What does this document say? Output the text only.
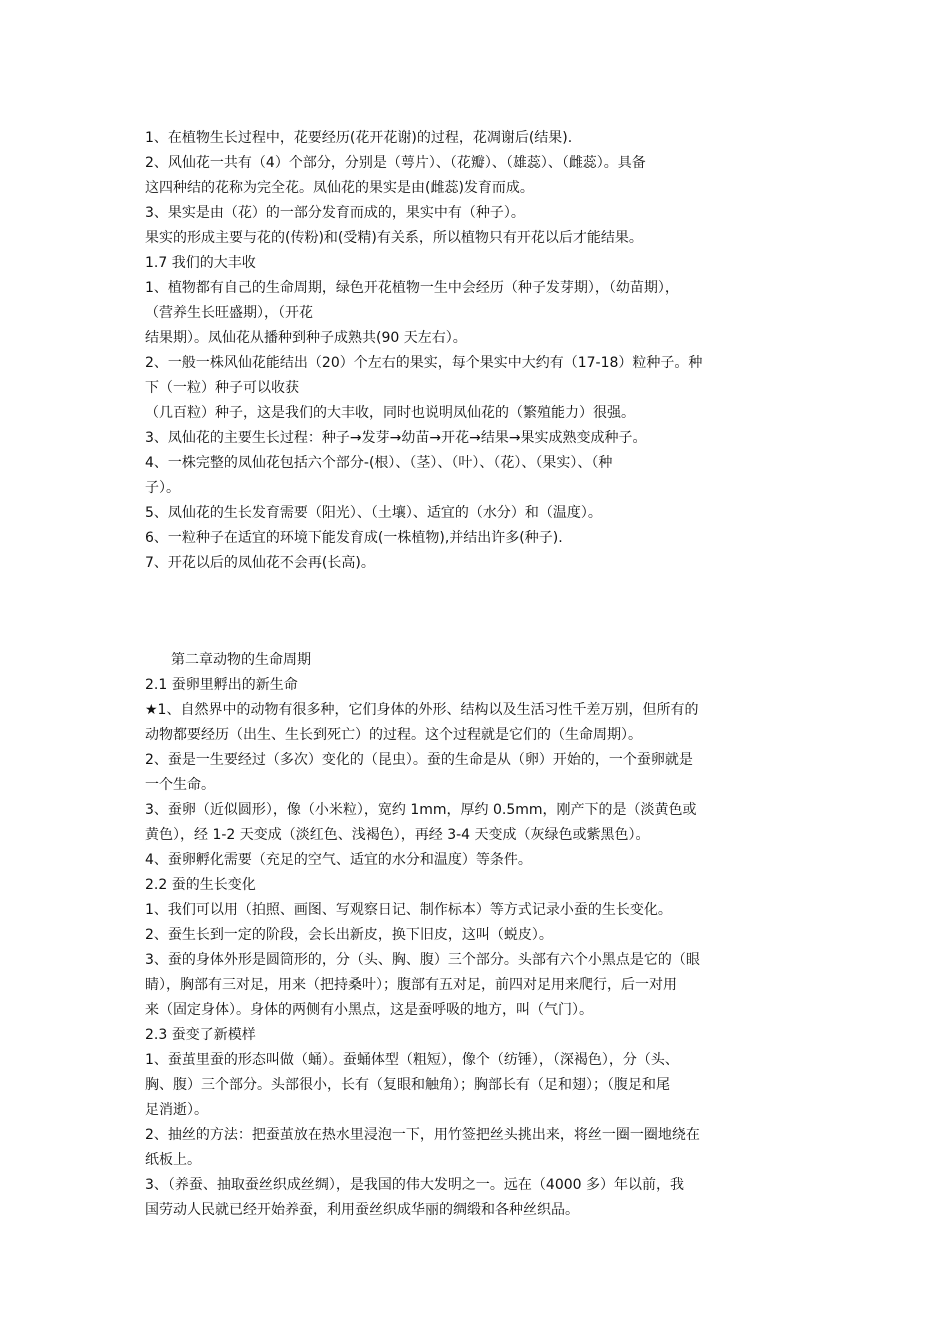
1、在植物生长过程中，花要经历(花开花谢)的过程，花凋谢后(结果).

2、风仙花一共有（4）个部分，分别是（萼片）、（花瓣）、（雄蕊）、（雌蕊）。具备

这四种结的花称为完全花。凤仙花的果实是由(雌蕊)发育而成。

3、果实是由（花）的一部分发育而成的，果实中有（种子）。

果实的形成主要与花的(传粉)和(受精)有关系，所以植物只有开花以后才能结果。

1.7 我们的大丰收

1、植物都有自己的生命周期，绿色开花植物一生中会经历（种子发芽期），（幼苗期），

（营养生长旺盛期），（开花

结果期）。凤仙花从播种到种子成熟共(90 天左右）。

2、一般一株风仙花能结出（20）个左右的果实，每个果实中大约有（17-18）粒种子。种

下（一粒）种子可以收获

（几百粒）种子，这是我们的大丰收，同时也说明凤仙花的（繁殖能力）很强。

3、凤仙花的主要生长过程：种子→发芽→幼苗→开花→结果→果实成熟变成种子。

4、一株完整的凤仙花包括六个部分-(根）、（茎）、（叶）、（花）、（果实）、（种

子）。

5、凤仙花的生长发育需要（阳光）、（土壤）、适宜的（水分）和（温度）。

6、一粒种子在适宜的环境下能发育成(一株植物),并结出许多(种子).

7、开花以后的凤仙花不会再(长高)。

第二章动物的生命周期

2.1 蚕卵里孵出的新生命

★1、自然界中的动物有很多种，它们身体的外形、结构以及生活习性千差万别，但所有的

动物都要经历（出生、生长到死亡）的过程。这个过程就是它们的（生命周期）。

2、蚕是一生要经过（多次）变化的（昆虫）。蚕的生命是从（卵）开始的，一个蚕卵就是

一个生命。

3、蚕卵（近似圆形），像（小米粒），宽约 1mm，厚约 0.5mm，刚产下的是（淡黄色或

黄色），经 1-2 天变成（淡红色、浅褐色），再经 3-4 天变成（灰绿色或紫黑色）。

4、蚕卵孵化需要（充足的空气、适宜的水分和温度）等条件。

2.2 蚕的生长变化

1、我们可以用（拍照、画图、写观察日记、制作标本）等方式记录小蚕的生长变化。

2、蚕生长到一定的阶段，会长出新皮，换下旧皮，这叫（蜕皮）。

3、蚕的身体外形是圆筒形的，分（头、胸、腹）三个部分。头部有六个小黑点是它的（眼

睛），胸部有三对足，用来（把持桑叶）；腹部有五对足，前四对足用来爬行，后一对用

来（固定身体）。身体的两侧有小黑点，这是蚕呼吸的地方，叫（气门）。

2.3 蚕变了新模样

1、蚕茧里蚕的形态叫做（蛹）。蚕蛹体型（粗短），像个（纺锤），（深褐色），分（头、

胸、腹）三个部分。头部很小，长有（复眼和触角）；胸部长有（足和翅）；（腹足和尾

足消逝）。

2、抽丝的方法：把蚕茧放在热水里浸泡一下，用竹签把丝头挑出来，将丝一圈一圈地绕在

纸板上。

3、（养蚕、抽取蚕丝织成丝绸），是我国的伟大发明之一。远在（4000 多）年以前，我

国劳动人民就已经开始养蚕，利用蚕丝织成华丽的绸缎和各种丝织品。
